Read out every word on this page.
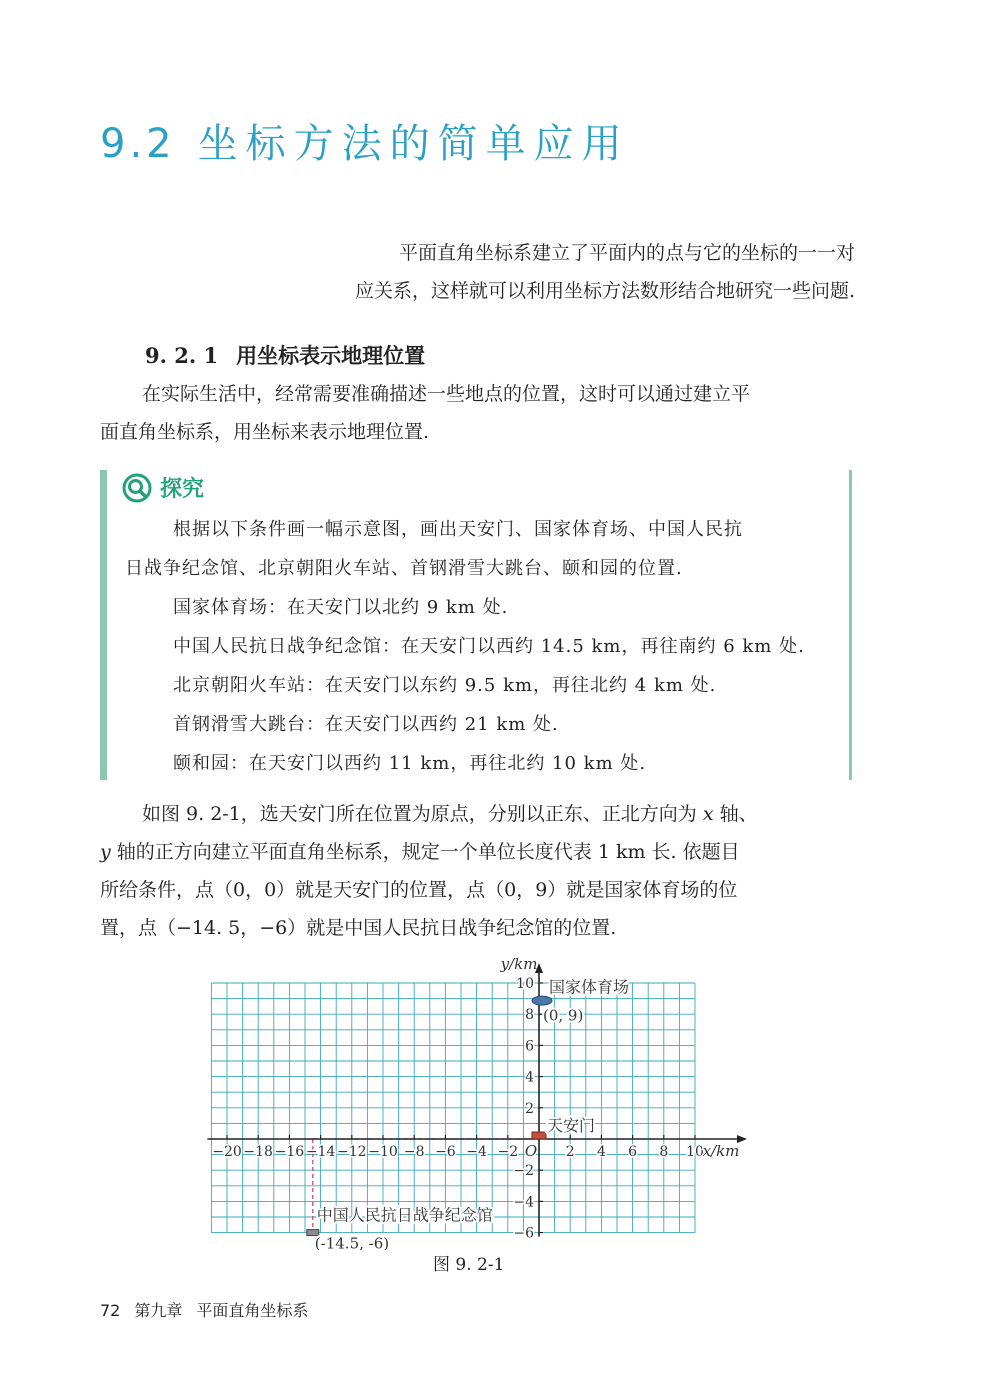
9.2 坐标方法的简单应用

平面直角坐标系建立了平面内的点与它的坐标的一一对

应关系，这样就可以利用坐标方法数形结合地研究一些问题.

9. 2. 1 用坐标表示地理位置

在实际生活中，经常需要准确描述一些地点的位置，这时可以通过建立平

面直角坐标系，用坐标来表示地理位置.

探究

根据以下条件画一幅示意图，画出天安门、国家体育场、中国人民抗

日战争纪念馆、北京朝阳火车站、首钢滑雪大跳台、颐和园的位置.

国家体育场：在天安门以北约 9 km 处.

中国人民抗日战争纪念馆：在天安门以西约 14.5 km，再往南约 6 km 处.

北京朝阳火车站：在天安门以东约 9.5 km，再往北约 4 km 处.

首钢滑雪大跳台：在天安门以西约 21 km 处.

颐和园：在天安门以西约 11 km，再往北约 10 km 处.

如图 9. 2-1，选天安门所在位置为原点，分别以正东、正北方向为 x 轴、

y 轴的正方向建立平面直角坐标系，规定一个单位长度代表 1 km 长. 依题目

所给条件，点（0，0）就是天安门的位置，点（0，9）就是国家体育场的位

置，点（−14. 5，−6）就是中国人民抗日战争纪念馆的位置.

−20 −18 −16 −14 −12 −10 −8 −6 −4 −2	2 4 6 8 10
−6
−4
−2
2
4
6
8
10
x/km
y/km
O
国家体育场
(0, 9)
天安门
中国人民抗日战争纪念馆
(-14.5, -6)
图 9. 2-1
72 第九章 平面直角坐标系
